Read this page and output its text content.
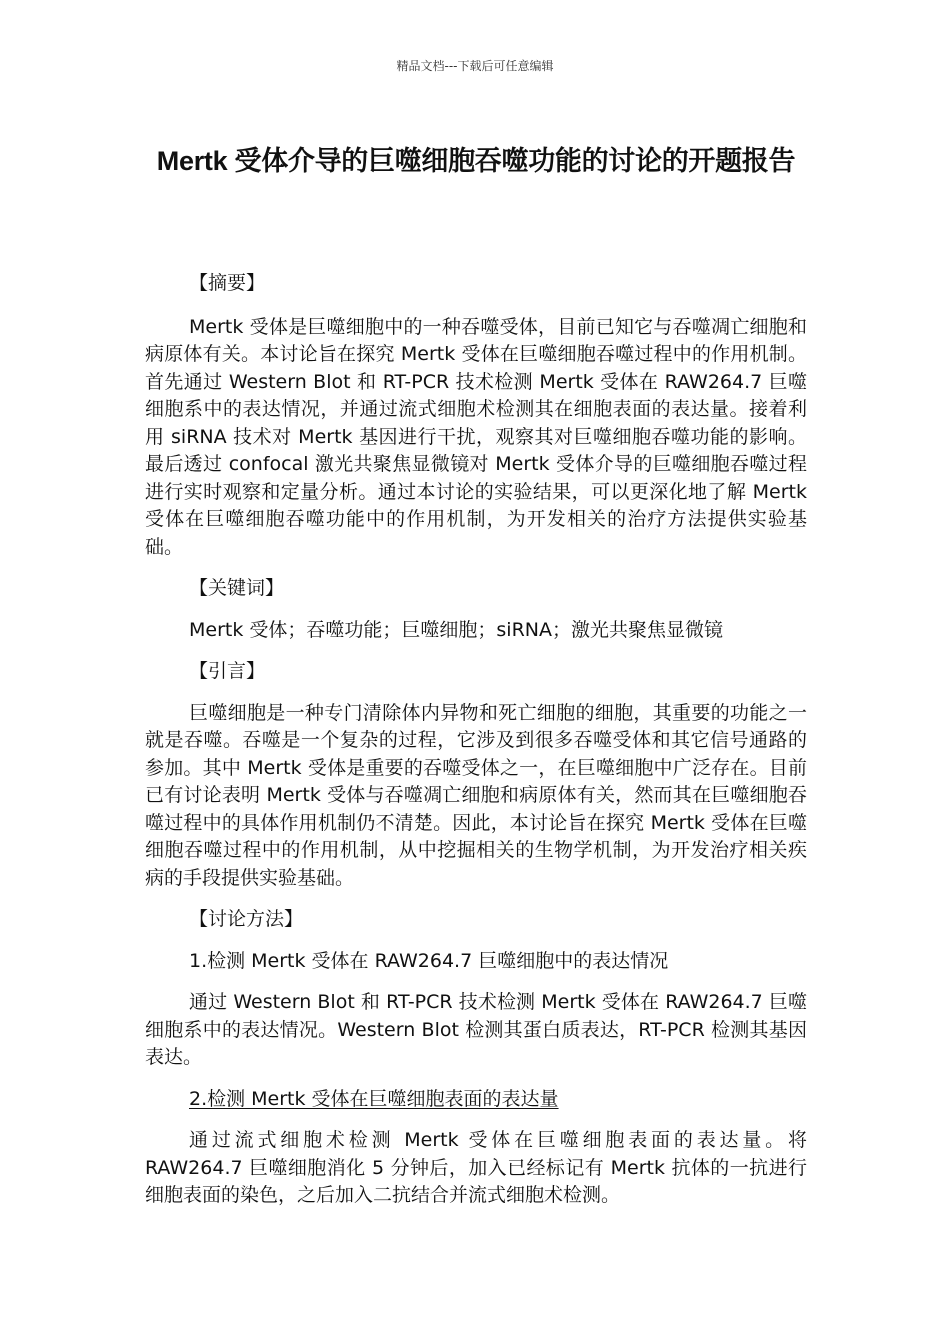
精品文档---下载后可任意编辑
Mertk 受体介导的巨噬细胞吞噬功能的讨论的开题报告

【摘要】

Mertk 受体是巨噬细胞中的一种吞噬受体，目前已知它与吞噬凋亡细胞和病原体有关。本讨论旨在探究 Mertk 受体在巨噬细胞吞噬过程中的作用机制。首先通过 Western Blot 和 RT-PCR 技术检测 Mertk 受体在 RAW264.7 巨噬细胞系中的表达情况，并通过流式细胞术检测其在细胞表面的表达量。接着利用 siRNA 技术对 Mertk 基因进行干扰，观察其对巨噬细胞吞噬功能的影响。最后透过 confocal 激光共聚焦显微镜对 Mertk 受体介导的巨噬细胞吞噬过程进行实时观察和定量分析。通过本讨论的实验结果，可以更深化地了解 Mertk 受体在巨噬细胞吞噬功能中的作用机制，为开发相关的治疗方法提供实验基础。

【关键词】

Mertk 受体；吞噬功能；巨噬细胞；siRNA；激光共聚焦显微镜

【引言】

巨噬细胞是一种专门清除体内异物和死亡细胞的细胞，其重要的功能之一就是吞噬。吞噬是一个复杂的过程，它涉及到很多吞噬受体和其它信号通路的参加。其中 Mertk 受体是重要的吞噬受体之一，在巨噬细胞中广泛存在。目前已有讨论表明 Mertk 受体与吞噬凋亡细胞和病原体有关，然而其在巨噬细胞吞噬过程中的具体作用机制仍不清楚。因此，本讨论旨在探究 Mertk 受体在巨噬细胞吞噬过程中的作用机制，从中挖掘相关的生物学机制，为开发治疗相关疾病的手段提供实验基础。

【讨论方法】

1.检测 Mertk 受体在 RAW264.7 巨噬细胞中的表达情况

通过 Western Blot 和 RT-PCR 技术检测 Mertk 受体在 RAW264.7 巨噬细胞系中的表达情况。Western Blot 检测其蛋白质表达，RT-PCR 检测其基因表达。

2.检测 Mertk 受体在巨噬细胞表面的表达量

通过流式细胞术检测 Mertk 受体在巨噬细胞表面的表达量。将 RAW264.7 巨噬细胞消化 5 分钟后，加入已经标记有 Mertk 抗体的一抗进行细胞表面的染色，之后加入二抗结合并流式细胞术检测。
